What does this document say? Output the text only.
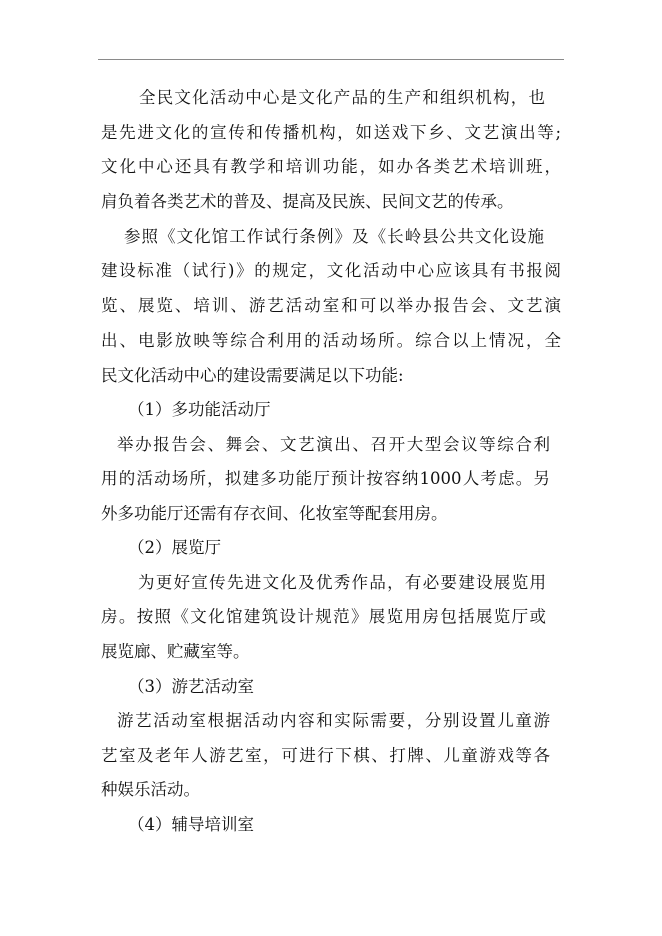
全民文化活动中心是文化产品的生产和组织机构，也
是先进文化的宣传和传播机构，如送戏下乡、文艺演出等;
文化中心还具有教学和培训功能，如办各类艺术培训班，
肩负着各类艺术的普及、提高及民族、民间文艺的传承。
参照《文化馆工作试行条例》及《长岭县公共文化设施
建设标准（试行)》的规定，文化活动中心应该具有书报阅
览、展览、培训、游艺活动室和可以举办报告会、文艺演
出、电影放映等综合利用的活动场所。综合以上情况，全
民文化活动中心的建设需要满足以下功能:
（1）多功能活动厅
举办报告会、舞会、文艺演出、召开大型会议等综合利
用的活动场所，拟建多功能厅预计按容纳1000人考虑。另
外多功能厅还需有存衣间、化妆室等配套用房。
（2）展览厅
为更好宣传先进文化及优秀作品，有必要建设展览用
房。按照《文化馆建筑设计规范》展览用房包括展览厅或
展览廊、贮藏室等。
（3）游艺活动室
游艺活动室根据活动内容和实际需要，分别设置儿童游
艺室及老年人游艺室，可进行下棋、打牌、儿童游戏等各
种娱乐活动。
（4）辅导培训室
